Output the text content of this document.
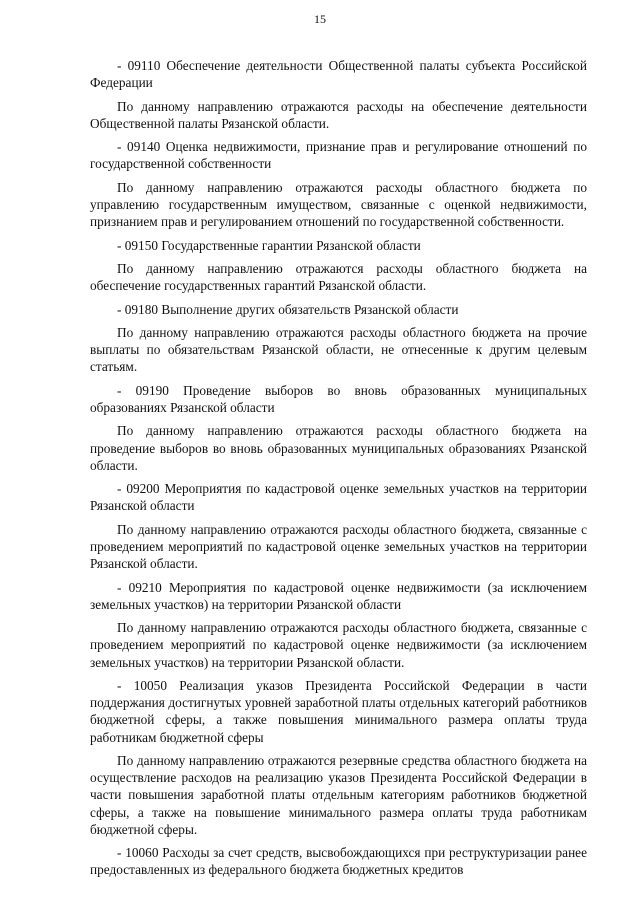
15

- 09110 Обеспечение деятельности Общественной палаты субъекта Российской Федерации

По данному направлению отражаются расходы на обеспечение деятельности Общественной палаты Рязанской области.

- 09140 Оценка недвижимости, признание прав и регулирование отношений по государственной собственности

По данному направлению отражаются расходы областного бюджета по управлению государственным имуществом, связанные с оценкой недвижимости, признанием прав и регулированием отношений по государственной собственности.

- 09150 Государственные гарантии Рязанской области

По данному направлению отражаются расходы областного бюджета на обеспечение государственных гарантий Рязанской области.

- 09180 Выполнение других обязательств Рязанской области

По данному направлению отражаются расходы областного бюджета на прочие выплаты по обязательствам Рязанской области, не отнесенные к другим целевым статьям.

- 09190 Проведение выборов во вновь образованных муниципальных образованиях Рязанской области

По данному направлению отражаются расходы областного бюджета на проведение выборов во вновь образованных муниципальных образованиях Рязанской области.

- 09200 Мероприятия по кадастровой оценке земельных участков на территории Рязанской области

По данному направлению отражаются расходы областного бюджета, связанные с проведением мероприятий по кадастровой оценке земельных участков на территории Рязанской области.

- 09210 Мероприятия по кадастровой оценке недвижимости (за исключением земельных участков) на территории Рязанской области

По данному направлению отражаются расходы областного бюджета, связанные с проведением мероприятий по кадастровой оценке недвижимости (за исключением земельных участков) на территории Рязанской области.

- 10050 Реализация указов Президента Российской Федерации в части поддержания достигнутых уровней заработной платы отдельных категорий работников бюджетной сферы, а также повышения минимального размера оплаты труда работникам бюджетной сферы

По данному направлению отражаются резервные средства областного бюджета на осуществление расходов на реализацию указов Президента Российской Федерации в части повышения заработной платы отдельным категориям работников бюджетной сферы, а также на повышение минимального размера оплаты труда работникам бюджетной сферы.

- 10060 Расходы за счет средств, высвобождающихся при реструктуризации ранее предоставленных из федерального бюджета бюджетных кредитов
